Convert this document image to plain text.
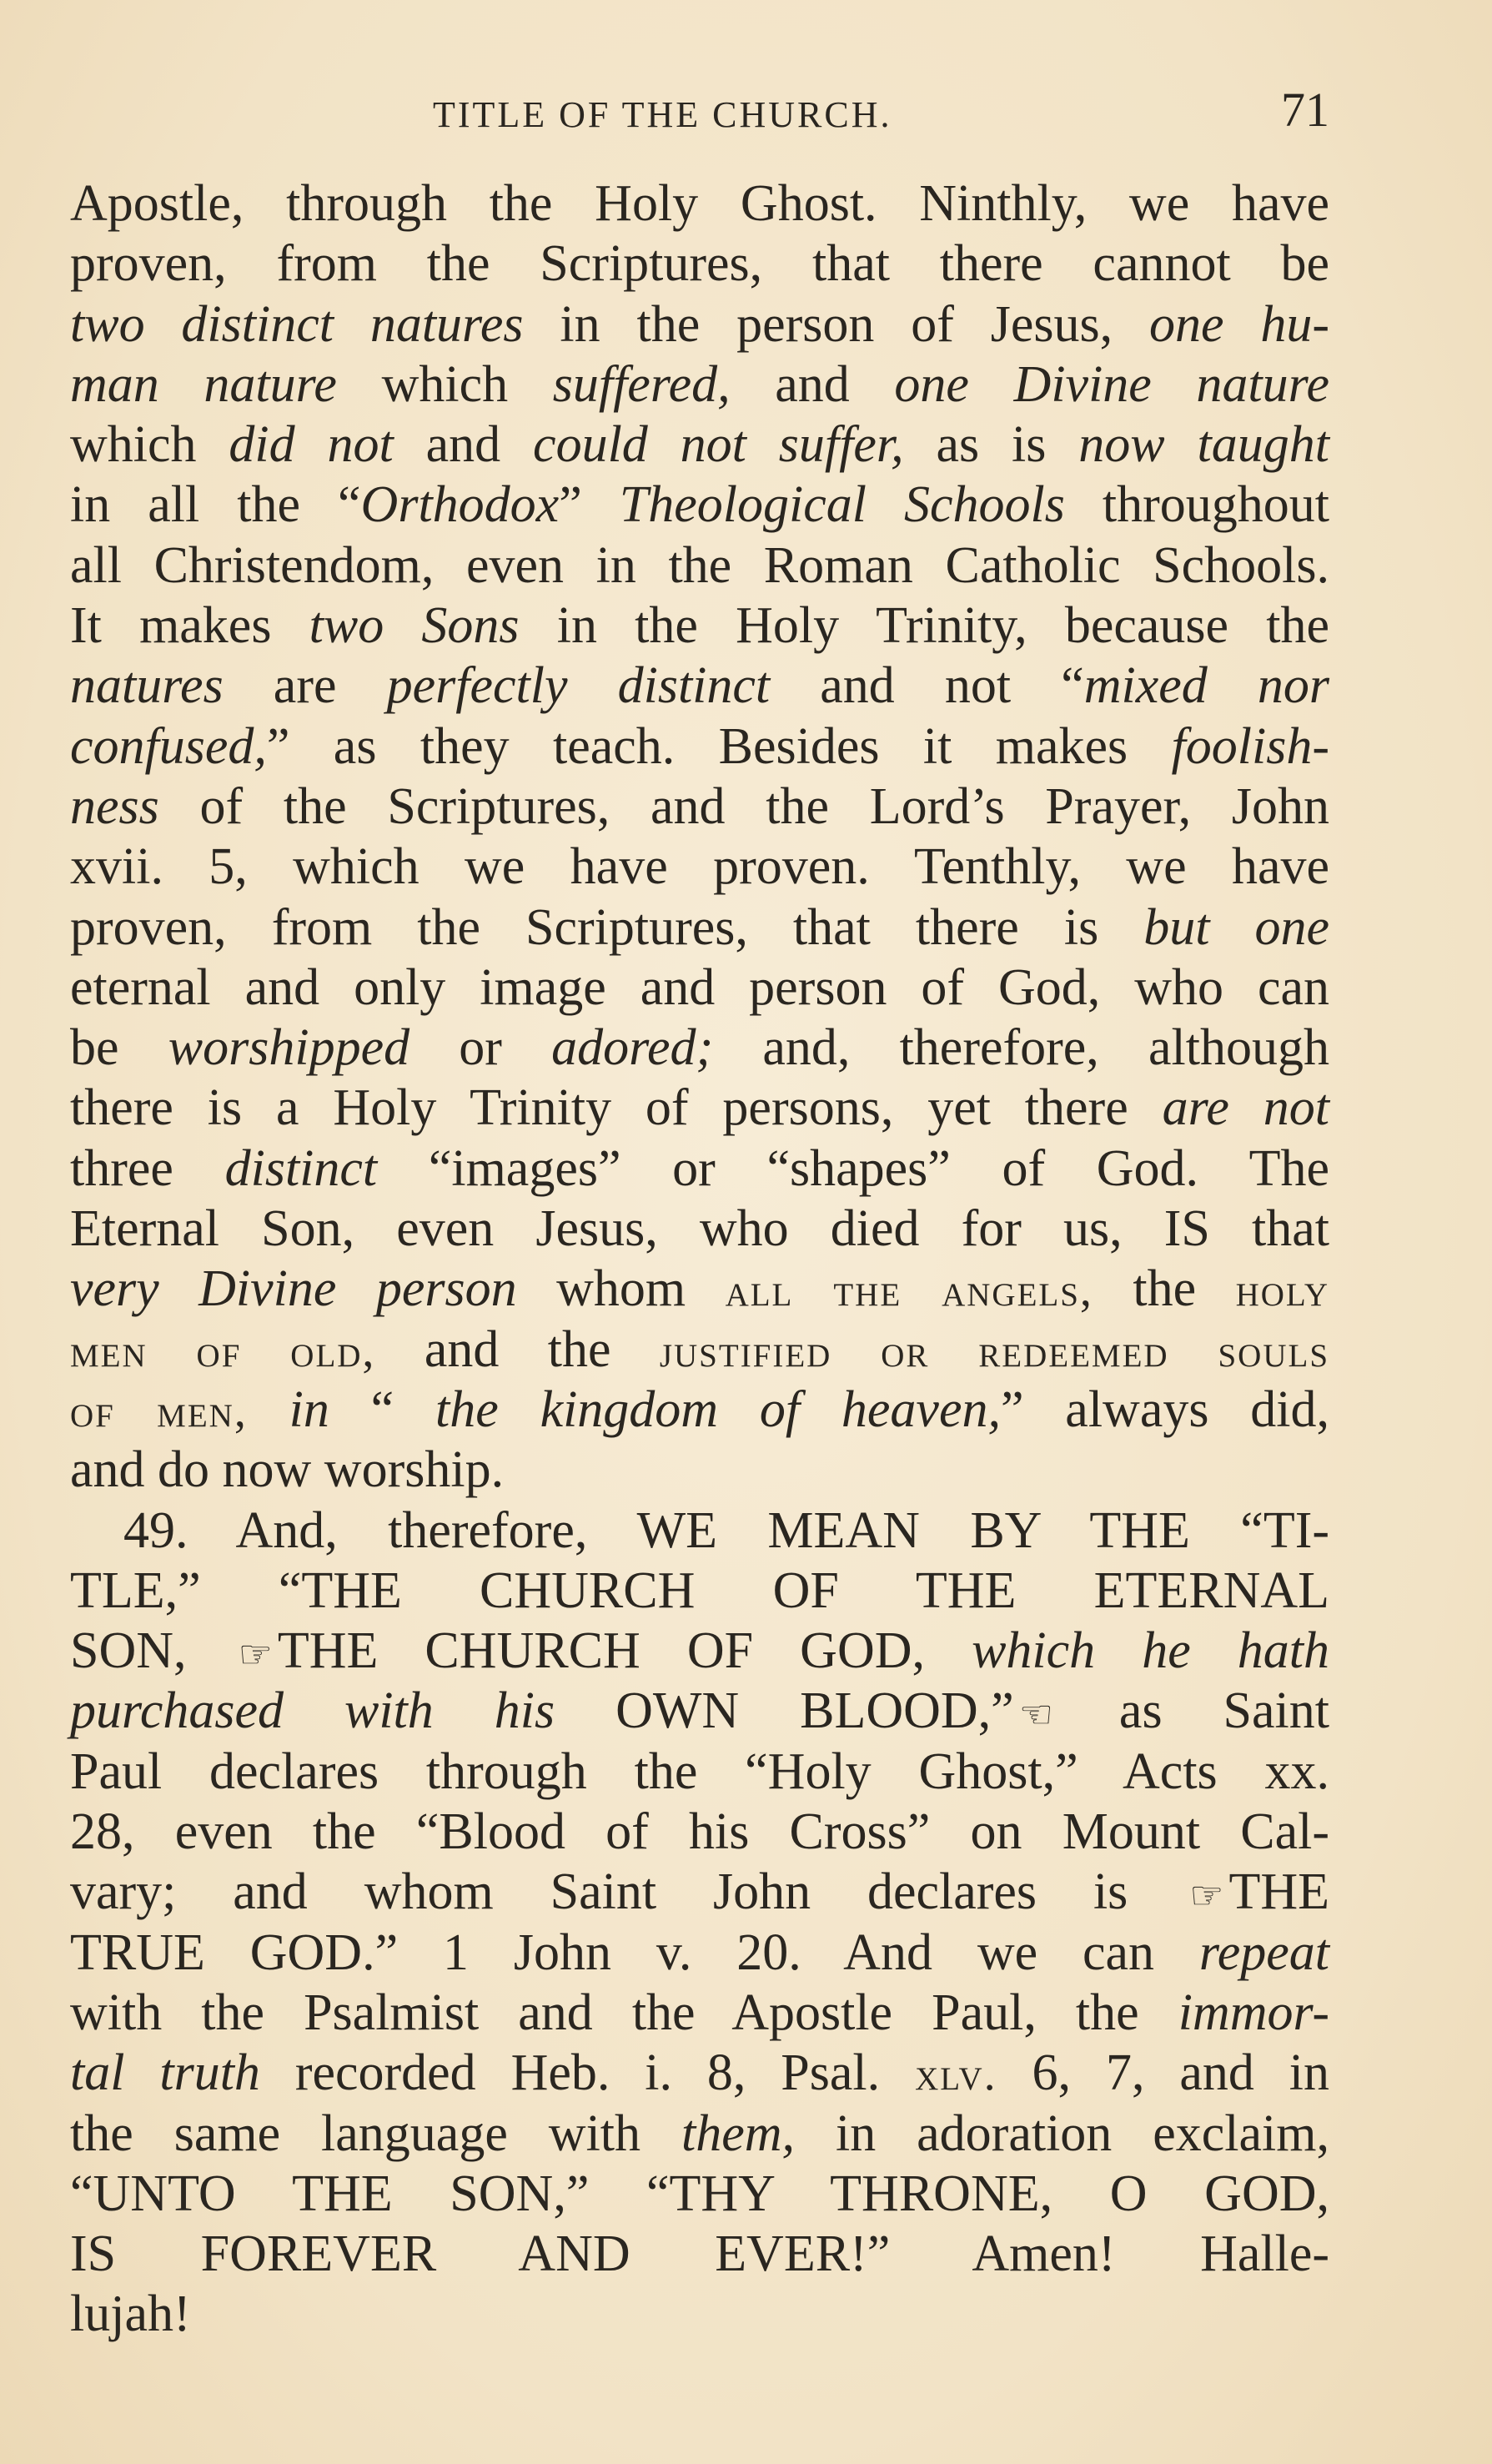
TITLE OF THE CHURCH.	71
Apostle, through the Holy Ghost. Ninthly, we have
proven, from the Scriptures, that there cannot be
two distinct natures in the person of Jesus, one hu-
man nature which suffered, and one Divine nature
which did not and could not suffer, as is now taught
in all the “Orthodox” Theological Schools throughout
all Christendom, even in the Roman Catholic Schools.
It makes two Sons in the Holy Trinity, because the
natures are perfectly distinct and not “mixed nor
confused,” as they teach. Besides it makes foolish-
ness of the Scriptures, and the Lord’s Prayer, John
xvii. 5, which we have proven. Tenthly, we have
proven, from the Scriptures, that there is but one
eternal and only image and person of God, who can
be worshipped or adored; and, therefore, although
there is a Holy Trinity of persons, yet there are not
three distinct “images” or “shapes” of God. The
Eternal Son, even Jesus, who died for us, IS that
very Divine person whom all the angels, the holy
men of old, and the justified or redeemed souls
of men, in “ the kingdom of heaven,” always did,
and do now worship.
49. And, therefore, WE MEAN BY THE “TI-
TLE,” “THE CHURCH OF THE ETERNAL
SON, ☞THE CHURCH OF GOD, which he hath
purchased with his OWN BLOOD,” ☜ as Saint
Paul declares through the “Holy Ghost,” Acts xx.
28, even the “Blood of his Cross” on Mount Cal-
vary; and whom Saint John declares is ☞THE
TRUE GOD.” 1 John v. 20. And we can repeat
with the Psalmist and the Apostle Paul, the immor-
tal truth recorded Heb. i. 8, Psal. xlv. 6, 7, and in
the same language with them, in adoration exclaim,
“UNTO THE SON,” “THY THRONE, O GOD,
IS FOREVER AND EVER!” Amen! Halle-
lujah!
